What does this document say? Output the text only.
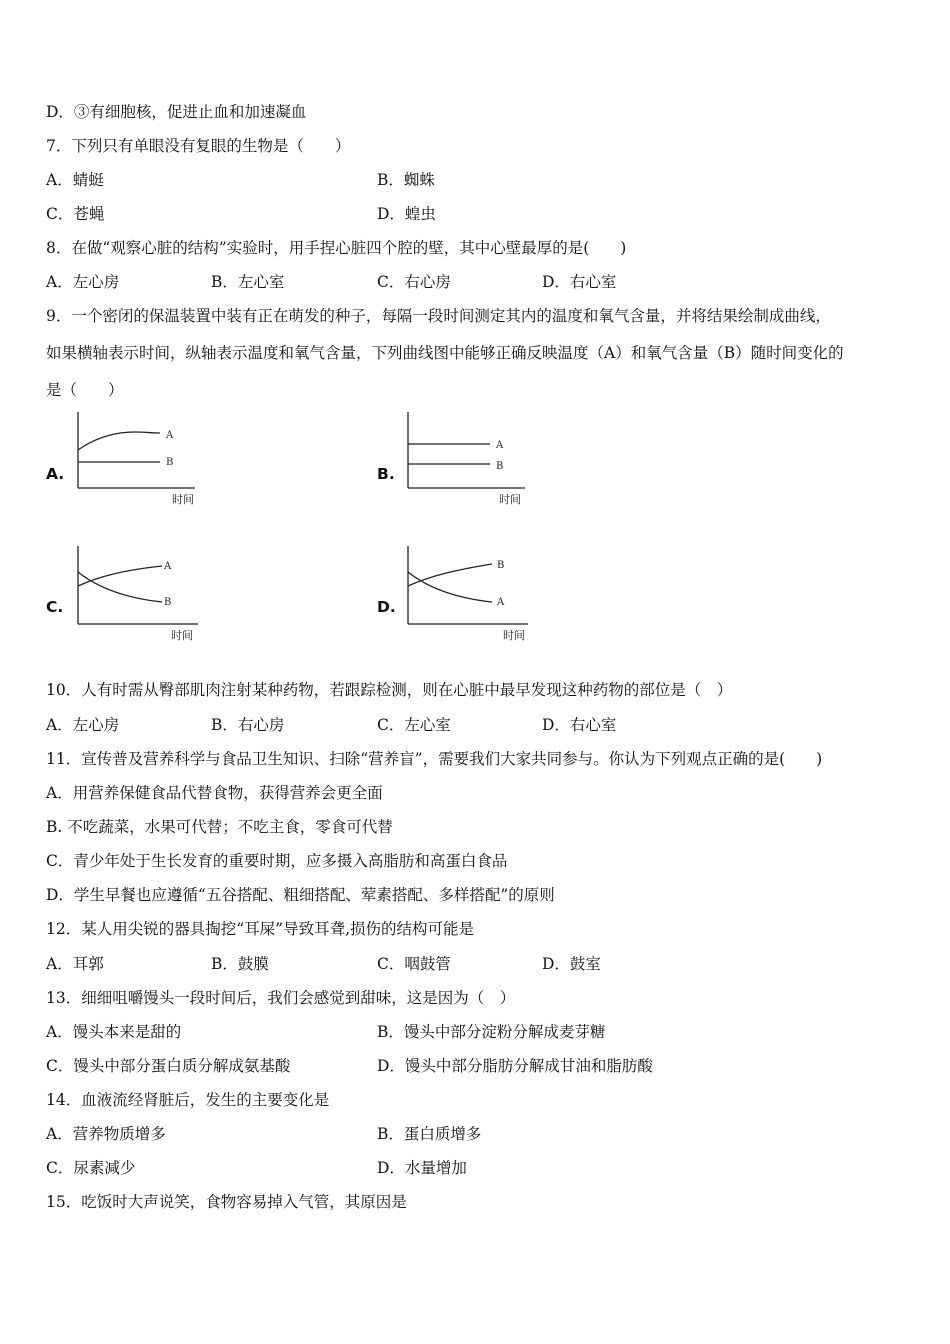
D．③有细胞核，促进止血和加速凝血
7．下列只有单眼没有复眼的生物是（　　）
A．蜻蜓	B．蜘蛛
C．苍蝇	D．蝗虫
8．在做“观察心脏的结构”实验时，用手捏心脏四个腔的壁，其中心壁最厚的是(　　)
A．左心房	B．左心室	C．右心房	D．右心室
9．一个密闭的保温装置中装有正在萌发的种子，每隔一段时间测定其内的温度和氧气含量，并将结果绘制成曲线，
如果横轴表示时间，纵轴表示温度和氧气含量，下列曲线图中能够正确反映温度（A）和氧气含量（B）随时间变化的
是（　　）
A.
A
B
时间
B.
A
B
时间
C.
A
B
时间
D.
B
A
时间
10．人有时需从臀部肌肉注射某种药物，若跟踪检测，则在心脏中最早发现这种药物的部位是（　）
A．左心房	B．右心房	C．左心室	D．右心室
11．宣传普及营养科学与食品卫生知识、扫除“营养盲”，需要我们大家共同参与。你认为下列观点正确的是(　　)
A．用营养保健食品代替食物，获得营养会更全面
B. 不吃蔬菜，水果可代替；不吃主食，零食可代替
C．青少年处于生长发育的重要时期，应多摄入高脂肪和高蛋白食品
D．学生早餐也应遵循“五谷搭配、粗细搭配、荤素搭配、多样搭配”的原则
12．某人用尖锐的器具掏挖“耳屎”导致耳聋,损伤的结构可能是
A．耳郭	B．鼓膜	C．咽鼓管	D．鼓室
13．细细咀嚼馒头一段时间后，我们会感觉到甜味，这是因为（　）
A．馒头本来是甜的	B．馒头中部分淀粉分解成麦芽糖
C．馒头中部分蛋白质分解成氨基酸	D．馒头中部分脂肪分解成甘油和脂肪酸
14．血液流经肾脏后，发生的主要变化是
A．营养物质增多	B．蛋白质增多
C．尿素减少	D．水量增加
15．吃饭时大声说笑，食物容易掉入气管，其原因是
